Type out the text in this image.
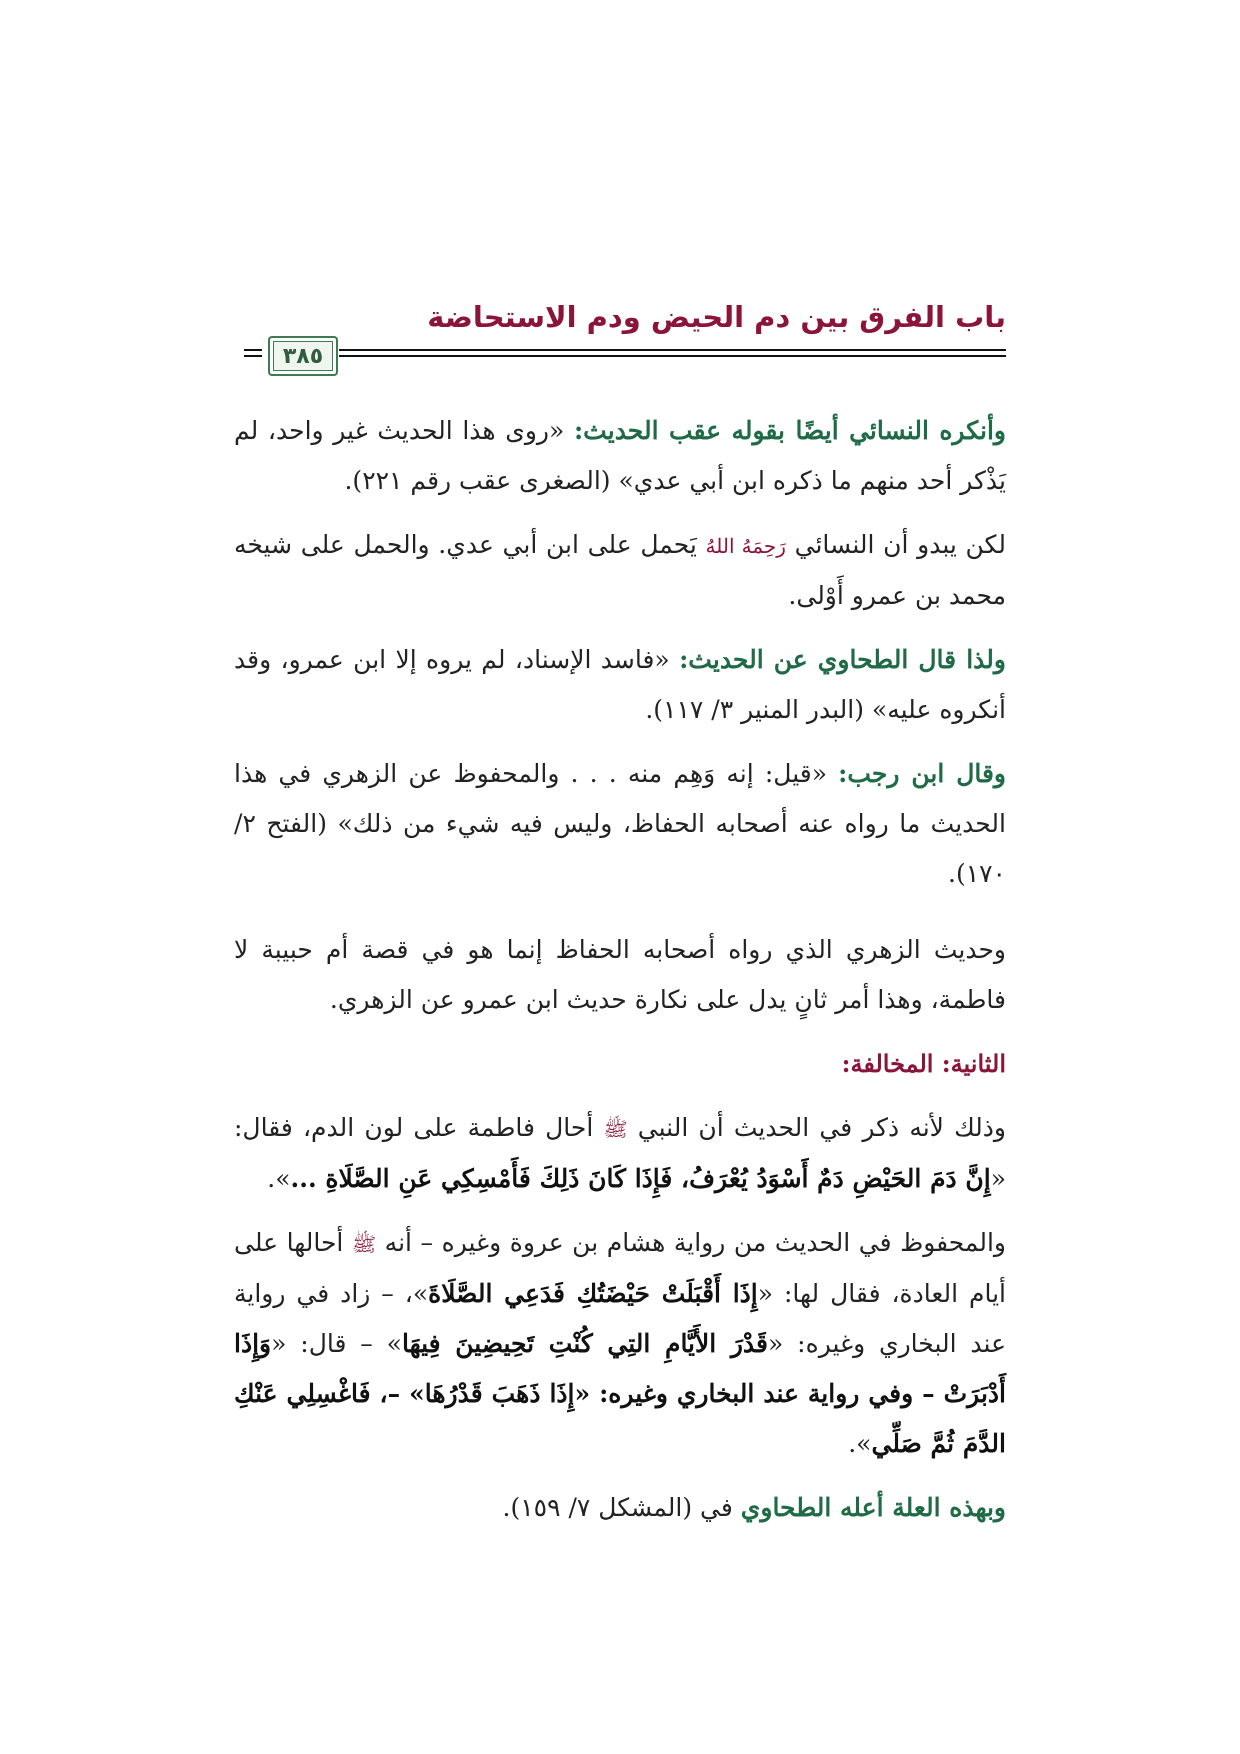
باب الفرق بين دم الحيض ودم الاستحاضة
٣٨٥

وأنكره النسائي أيضًا بقوله عقب الحديث: «روى هذا الحديث غير واحد، لم يَذْكر أحد منهم ما ذكره ابن أبي عدي» (الصغرى عقب رقم ٢٢١).

لكن يبدو أن النسائي رَحِمَهُ اللهُ يَحمل على ابن أبي عدي. والحمل على شيخه محمد بن عمرو أَوْلى.

ولذا قال الطحاوي عن الحديث: «فاسد الإسناد، لم يروه إلا ابن عمرو، وقد أنكروه عليه» (البدر المنير ٣/ ١١٧).

وقال ابن رجب: «قيل: إنه وَهِم منه . . . والمحفوظ عن الزهري في هذا الحديث ما رواه عنه أصحابه الحفاظ، وليس فيه شيء من ذلك» (الفتح ٢/ ١٧٠).

وحديث الزهري الذي رواه أصحابه الحفاظ إنما هو في قصة أم حبيبة لا فاطمة، وهذا أمر ثانٍ يدل على نكارة حديث ابن عمرو عن الزهري.

الثانية: المخالفة:

وذلك لأنه ذكر في الحديث أن النبي ﷺ أحال فاطمة على لون الدم، فقال: «إِنَّ دَمَ الحَيْضِ دَمٌ أَسْوَدُ يُعْرَفُ، فَإِذَا كَانَ ذَلِكَ فَأَمْسِكِي عَنِ الصَّلَاةِ ...».

والمحفوظ في الحديث من رواية هشام بن عروة وغيره – أنه ﷺ أحالها على أيام العادة، فقال لها: «إِذَا أَقْبَلَتْ حَيْضَتُكِ فَدَعِي الصَّلَاةَ»، – زاد في رواية عند البخاري وغيره: «قَدْرَ الأَيَّامِ التِي كُنْتِ تَحِيضِينَ فِيهَا» – قال: «وَإِذَا أَدْبَرَتْ – وفي رواية عند البخاري وغيره: «إِذَا ذَهَبَ قَدْرُهَا» –، فَاغْسِلِي عَنْكِ الدَّمَ ثُمَّ صَلِّي».

وبهذه العلة أعله الطحاوي في (المشكل ٧/ ١٥٩).
